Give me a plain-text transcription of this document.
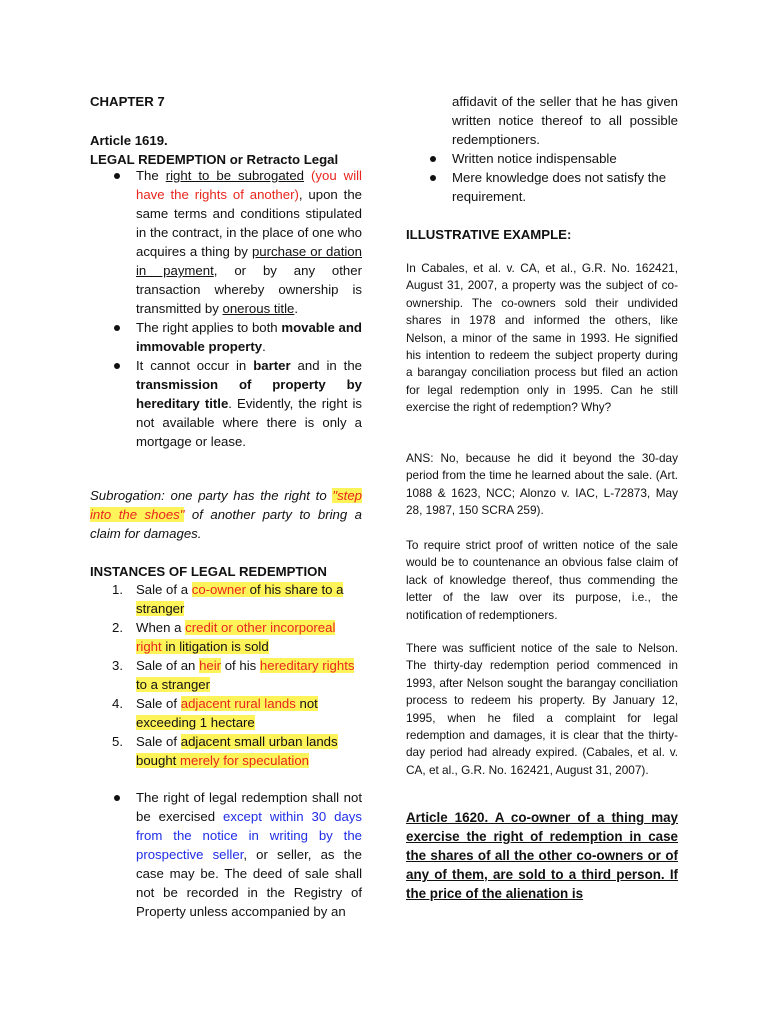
CHAPTER 7
Article 1619.
LEGAL REDEMPTION or Retracto Legal
The right to be subrogated (you will have the rights of another), upon the same terms and conditions stipulated in the contract, in the place of one who acquires a thing by purchase or dation in payment, or by any other transaction whereby ownership is transmitted by onerous title.
The right applies to both movable and immovable property.
It cannot occur in barter and in the transmission of property by hereditary title. Evidently, the right is not available where there is only a mortgage or lease.

Subrogation: one party has the right to "step into the shoes" of another party to bring a claim for damages.

INSTANCES OF LEGAL REDEMPTION
1. Sale of a co-owner of his share to a stranger
2. When a credit or other incorporeal right in litigation is sold
3. Sale of an heir of his hereditary rights to a stranger
4. Sale of adjacent rural lands not exceeding 1 hectare
5. Sale of adjacent small urban lands bought merely for speculation
The right of legal redemption shall not be exercised except within 30 days from the notice in writing by the prospective seller, or seller, as the case may be. The deed of sale shall not be recorded in the Registry of Property unless accompanied by an

affidavit of the seller that he has given written notice thereof to all possible redemptioners.

Written notice indispensable
Mere knowledge does not satisfy the requirement.
ILLUSTRATIVE EXAMPLE:

In Cabales, et al. v. CA, et al., G.R. No. 162421, August 31, 2007, a property was the subject of co-ownership. The co-owners sold their undivided shares in 1978 and informed the others, like Nelson, a minor of the same in 1993. He signified his intention to redeem the subject property during a barangay conciliation process but filed an action for legal redemption only in 1995. Can he still exercise the right of redemption? Why?

ANS: No, because he did it beyond the 30-day period from the time he learned about the sale. (Art. 1088 & 1623, NCC; Alonzo v. IAC, L-72873, May 28, 1987, 150 SCRA 259).

To require strict proof of written notice of the sale would be to countenance an obvious false claim of lack of knowledge thereof, thus commending the letter of the law over its purpose, i.e., the notification of redemptioners.

There was sufficient notice of the sale to Nelson. The thirty-day redemption period commenced in 1993, after Nelson sought the barangay conciliation process to redeem his property. By January 12, 1995, when he filed a complaint for legal redemption and damages, it is clear that the thirty-day period had already expired. (Cabales, et al. v. CA, et al., G.R. No. 162421, August 31, 2007).

Article 1620. A co-owner of a thing may exercise the right of redemption in case the shares of all the other co-owners or of any of them, are sold to a third person. If the price of the alienation is
